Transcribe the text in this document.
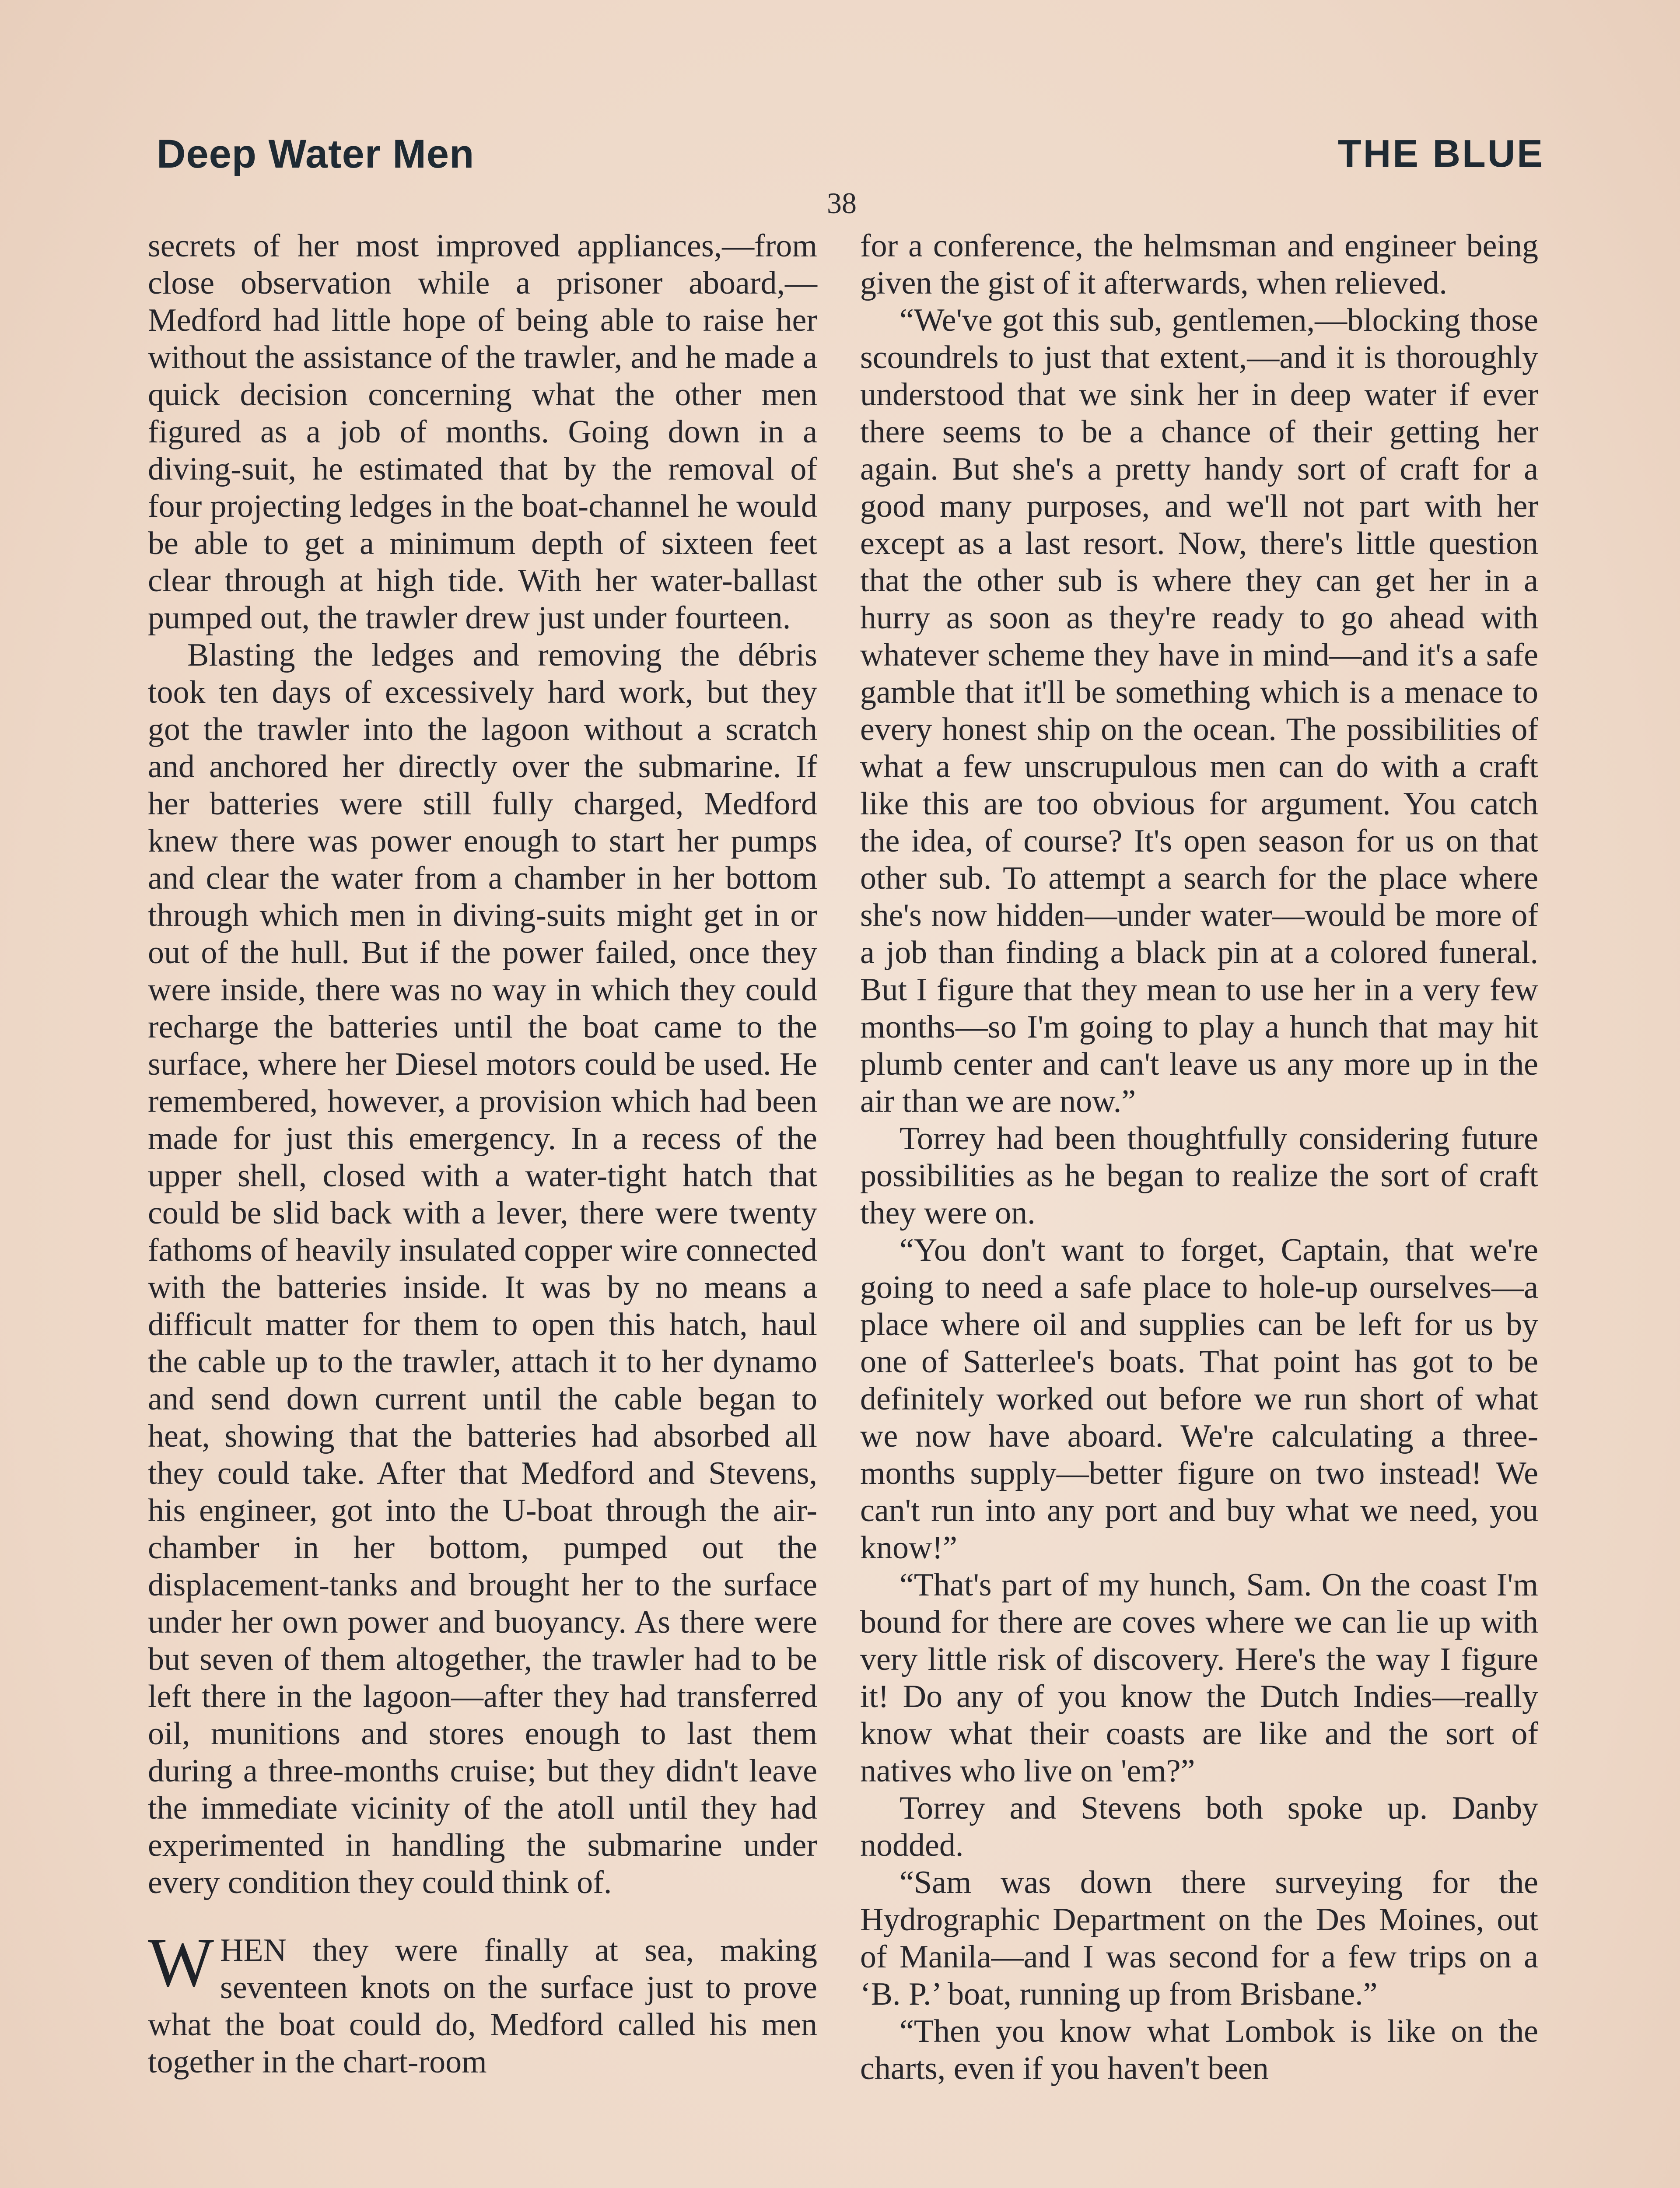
Deep Water Men	THE BLUE
38

secrets of her most improved appliances,—from close observation while a prisoner aboard,—Medford had little hope of being able to raise her without the assistance of the trawler, and he made a quick decision concerning what the other men figured as a job of months. Going down in a diving-suit, he estimated that by the removal of four projecting ledges in the boat-channel he would be able to get a minimum depth of sixteen feet clear through at high tide. With her water-ballast pumped out, the trawler drew just under fourteen.

Blasting the ledges and removing the débris took ten days of excessively hard work, but they got the trawler into the lagoon without a scratch and anchored her directly over the submarine. If her batteries were still fully charged, Medford knew there was power enough to start her pumps and clear the water from a chamber in her bottom through which men in diving-suits might get in or out of the hull. But if the power failed, once they were inside, there was no way in which they could recharge the batteries until the boat came to the surface, where her Diesel motors could be used. He remembered, however, a provision which had been made for just this emergency. In a recess of the upper shell, closed with a water-tight hatch that could be slid back with a lever, there were twenty fathoms of heavily insulated copper wire connected with the batteries inside. It was by no means a difficult matter for them to open this hatch, haul the cable up to the trawler, attach it to her dynamo and send down current until the cable began to heat, showing that the batteries had absorbed all they could take. After that Medford and Stevens, his engineer, got into the U-boat through the air-chamber in her bottom, pumped out the displacement-tanks and brought her to the surface under her own power and buoyancy. As there were but seven of them altogether, the trawler had to be left there in the lagoon—after they had transferred oil, munitions and stores enough to last them during a three-months cruise; but they didn't leave the immediate vicinity of the atoll until they had experimented in handling the submarine under every condition they could think of.

WHEN they were finally at sea, making seventeen knots on the surface just to prove what the boat could do, Medford called his men together in the chart-room

for a conference, the helmsman and engineer being given the gist of it afterwards, when relieved.

“We've got this sub, gentlemen,—blocking those scoundrels to just that extent,—and it is thoroughly understood that we sink her in deep water if ever there seems to be a chance of their getting her again. But she's a pretty handy sort of craft for a good many purposes, and we'll not part with her except as a last resort. Now, there's little question that the other sub is where they can get her in a hurry as soon as they're ready to go ahead with whatever scheme they have in mind—and it's a safe gamble that it'll be something which is a menace to every honest ship on the ocean. The possibilities of what a few unscrupulous men can do with a craft like this are too obvious for argument. You catch the idea, of course? It's open season for us on that other sub. To attempt a search for the place where she's now hidden—under water—would be more of a job than finding a black pin at a colored funeral. But I figure that they mean to use her in a very few months—so I'm going to play a hunch that may hit plumb center and can't leave us any more up in the air than we are now.”

Torrey had been thoughtfully considering future possibilities as he began to realize the sort of craft they were on.

“You don't want to forget, Captain, that we're going to need a safe place to hole-up ourselves—a place where oil and supplies can be left for us by one of Satterlee's boats. That point has got to be definitely worked out before we run short of what we now have aboard. We're calculating a three-months supply—better figure on two instead! We can't run into any port and buy what we need, you know!”

“That's part of my hunch, Sam. On the coast I'm bound for there are coves where we can lie up with very little risk of discovery. Here's the way I figure it! Do any of you know the Dutch Indies—really know what their coasts are like and the sort of natives who live on 'em?”

Torrey and Stevens both spoke up. Danby nodded.

“Sam was down there surveying for the Hydrographic Department on the Des Moines, out of Manila—and I was second for a few trips on a ‘B. P.’ boat, running up from Brisbane.”

“Then you know what Lombok is like on the charts, even if you haven't been
